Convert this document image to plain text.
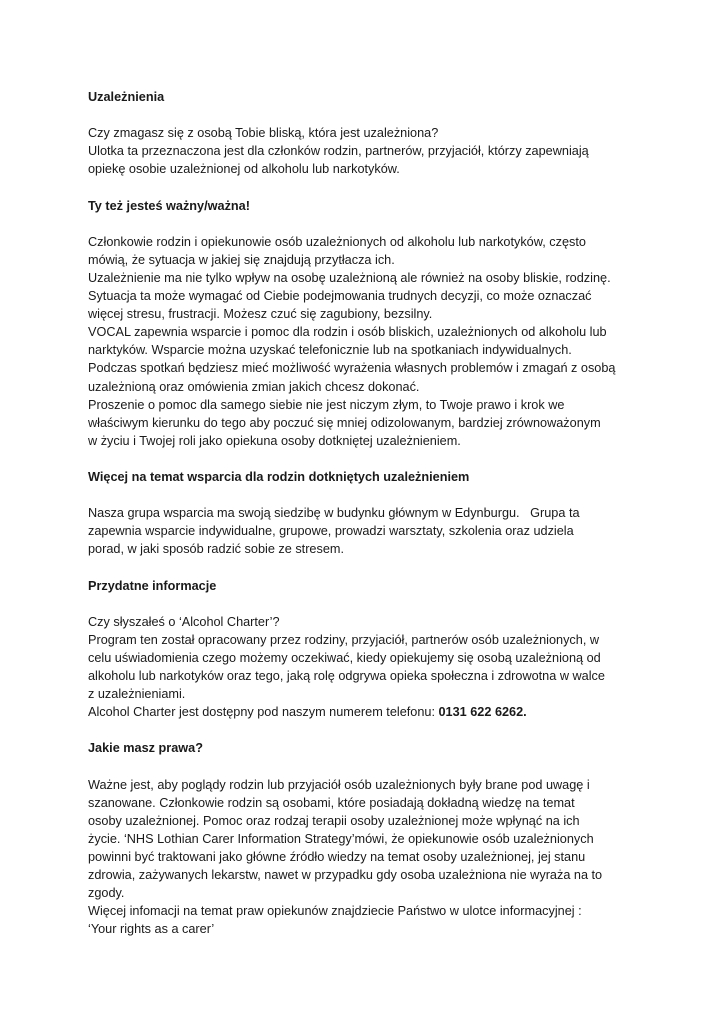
Uzależnienia

Czy zmagasz się z osobą Tobie bliską, która jest uzależniona?
Ulotka ta przeznaczona jest dla członków rodzin, partnerów, przyjaciół, którzy zapewniają
opiekę osobie uzależnionej od alkoholu lub narkotyków.

Ty też jesteś ważny/ważna!

Członkowie rodzin i opiekunowie osób uzależnionych od alkoholu lub narkotyków, często
mówią, że sytuacja w jakiej się znajdują przytłacza ich.
Uzależnienie ma nie tylko wpływ na osobę uzależnioną ale również na osoby bliskie, rodzinę.
Sytuacja ta może wymagać od Ciebie podejmowania trudnych decyzji, co może oznaczać
więcej stresu, frustracji. Możesz czuć się zagubiony, bezsilny.
VOCAL zapewnia wsparcie i pomoc dla rodzin i osób bliskich, uzależnionych od alkoholu lub
narktyków. Wsparcie można uzyskać telefonicznie lub na spotkaniach indywidualnych.
Podczas spotkań będziesz mieć możliwość wyrażenia własnych problemów i zmagań z osobą
uzależnioną oraz omówienia zmian jakich chcesz dokonać.
Proszenie o pomoc dla samego siebie nie jest niczym złym, to Twoje prawo i krok we
właściwym kierunku do tego aby poczuć się mniej odizolowanym, bardziej zrównoważonym
w życiu i Twojej roli jako opiekuna osoby dotkniętej uzależnieniem.

Więcej na temat wsparcia dla rodzin dotkniętych uzależnieniem

Nasza grupa wsparcia ma swoją siedzibę w budynku głównym w Edynburgu.   Grupa ta
zapewnia wsparcie indywidualne, grupowe, prowadzi warsztaty, szkolenia oraz udziela
porad, w jaki sposób radzić sobie ze stresem.

Przydatne informacje

Czy słyszałeś o ‘Alcohol Charter’?
Program ten został opracowany przez rodziny, przyjaciół, partnerów osób uzależnionych, w
celu uświadomienia czego możemy oczekiwać, kiedy opiekujemy się osobą uzależnioną od
alkoholu lub narkotyków oraz tego, jaką rolę odgrywa opieka społeczna i zdrowotna w walce
z uzależnieniami.
Alcohol Charter jest dostępny pod naszym numerem telefonu: 0131 622 6262.

Jakie masz prawa?

Ważne jest, aby poglądy rodzin lub przyjaciół osób uzależnionych były brane pod uwagę i
szanowane. Członkowie rodzin są osobami, które posiadają dokładną wiedzę na temat
osoby uzależnionej. Pomoc oraz rodzaj terapii osoby uzależnionej może wpłynąć na ich
życie. ‘NHS Lothian Carer Information Strategy’mówi, że opiekunowie osób uzależnionych
powinni być traktowani jako główne źródło wiedzy na temat osoby uzależnionej, jej stanu
zdrowia, zażywanych lekarstw, nawet w przypadku gdy osoba uzależniona nie wyraża na to
zgody.
Więcej infomacji na temat praw opiekunów znajdziecie Państwo w ulotce informacyjnej :
‘Your rights as a carer’
